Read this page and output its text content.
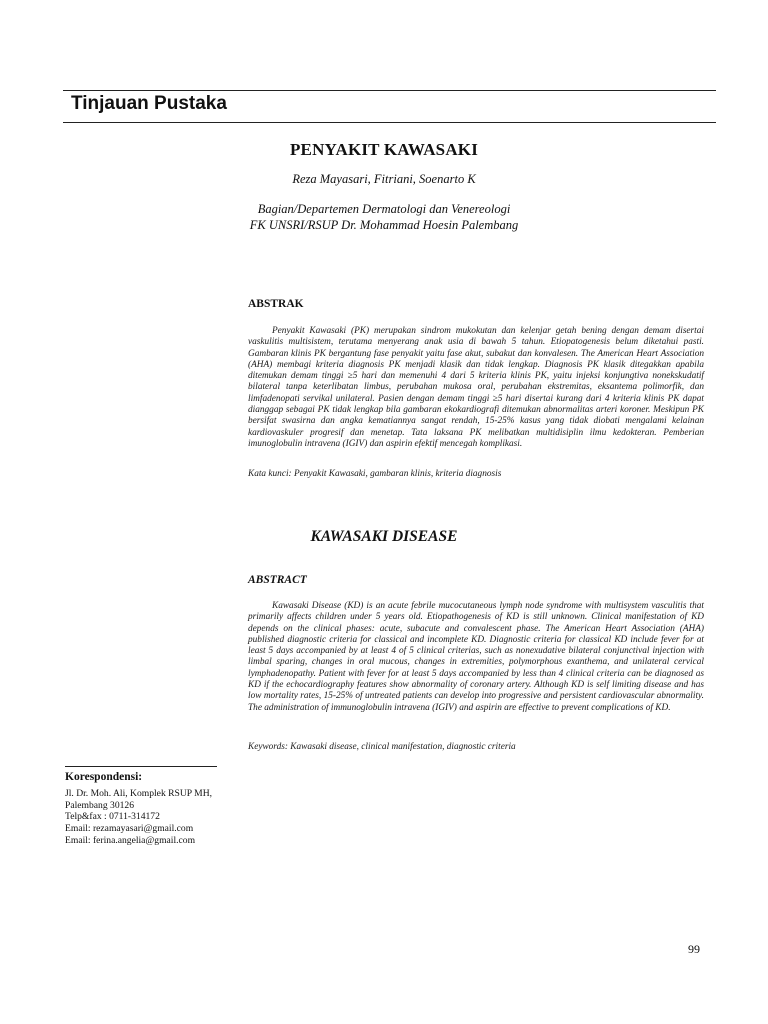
Tinjauan Pustaka
PENYAKIT KAWASAKI
Reza Mayasari, Fitriani, Soenarto K
Bagian/Departemen Dermatologi dan Venereologi
FK UNSRI/RSUP Dr. Mohammad Hoesin Palembang
ABSTRAK

Penyakit Kawasaki (PK) merupakan sindrom mukokutan dan kelenjar getah bening dengan demam disertai vaskulitis multisistem, terutama menyerang anak usia di bawah 5 tahun. Etiopatogenesis belum diketahui pasti. Gambaran klinis PK bergantung fase penyakit yaitu fase akut, subakut dan konvalesen. The American Heart Association (AHA) membagi kriteria diagnosis PK menjadi klasik dan tidak lengkap. Diagnosis PK klasik ditegakkan apabila ditemukan demam tinggi ≥5 hari dan memenuhi 4 dari 5 kriteria klinis PK, yaitu injeksi konjungtiva nonekskudatif bilateral tanpa keterlibatan limbus, perubahan mukosa oral, perubahan ekstremitas, eksantema polimorfik, dan limfadenopati servikal unilateral. Pasien dengan demam tinggi ≥5 hari disertai kurang dari 4 kriteria klinis PK dapat dianggap sebagai PK tidak lengkap bila gambaran ekokardiografi ditemukan abnormalitas arteri koroner. Meskipun PK bersifat swasirna dan angka kematiannya sangat rendah, 15-25% kasus yang tidak diobati mengalami kelainan kardiovaskuler progresif dan menetap. Tata laksana PK melibatkan multidisiplin ilmu kedokteran. Pemberian imunoglobulin intravena (IGIV) dan aspirin efektif mencegah komplikasi.

Kata kunci: Penyakit Kawasaki, gambaran klinis, kriteria diagnosis
KAWASAKI DISEASE
ABSTRACT

Kawasaki Disease (KD) is an acute febrile mucocutaneous lymph node syndrome with multisystem vasculitis that primarily affects children under 5 years old. Etiopathogenesis of KD is still unknown. Clinical manifestation of KD depends on the clinical phases: acute, subacute and convalescent phase. The American Heart Association (AHA) published diagnostic criteria for classical and incomplete KD. Diagnostic criteria for classical KD include fever for at least 5 days accompanied by at least 4 of 5 clinical criterias, such as nonexudative bilateral conjunctival injection with limbal sparing, changes in oral mucous, changes in extremities, polymorphous exanthema, and unilateral cervical lymphadenopathy. Patient with fever for at least 5 days accompanied by less than 4 clinical criteria can be diagnosed as KD if the echocardiography features show abnormality of coronary artery. Although KD is self limiting disease and has low mortality rates, 15-25% of untreated patients can develop into progressive and persistent cardiovascular abnormality. The administration of immunoglobulin intravena (IGIV) and aspirin are effective to prevent complications of KD.

Keywords: Kawasaki disease, clinical manifestation, diagnostic criteria
Korespondensi:
Jl. Dr. Moh. Ali, Komplek RSUP MH,
Palembang 30126
Telp&fax : 0711-314172
Email: rezamayasari@gmail.com
Email: ferina.angelia@gmail.com
99
